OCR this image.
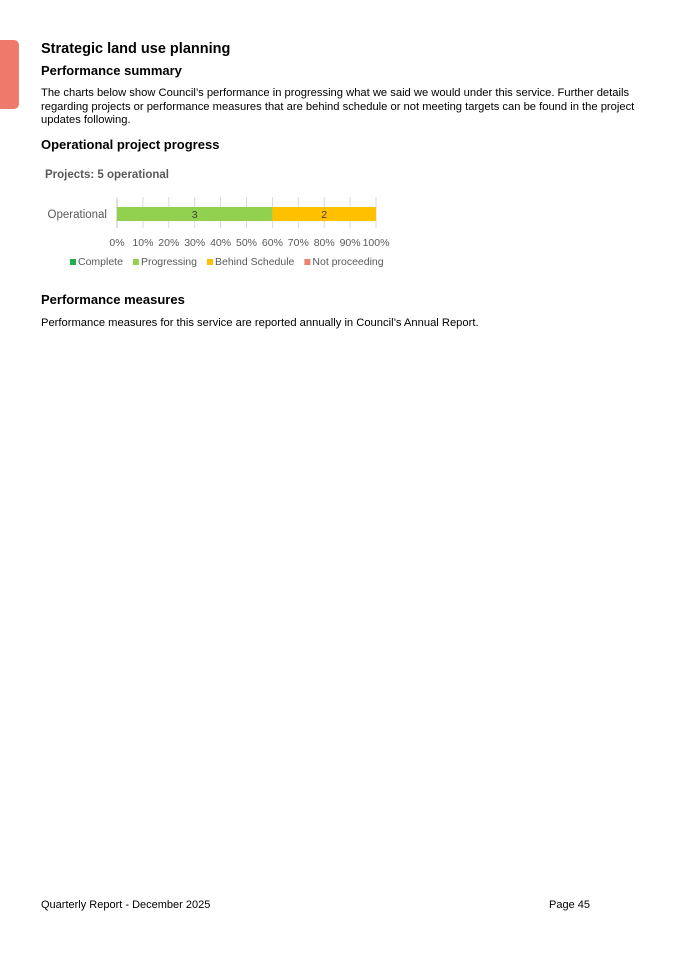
Strategic land use planning
Performance summary

The charts below show Council’s performance in progressing what we said we would under this service. Further details regarding projects or performance measures that are behind schedule or not meeting targets can be found in the project updates following.

Operational project progress

Projects: 5 operational

3	2
Operational
0% 10% 20% 30% 40% 50% 60% 70% 80% 90% 100%
Complete Progressing Behind Schedule Not proceeding
Performance measures

Performance measures for this service are reported annually in Council’s Annual Report.

Quarterly Report - December 2025	Page 45
